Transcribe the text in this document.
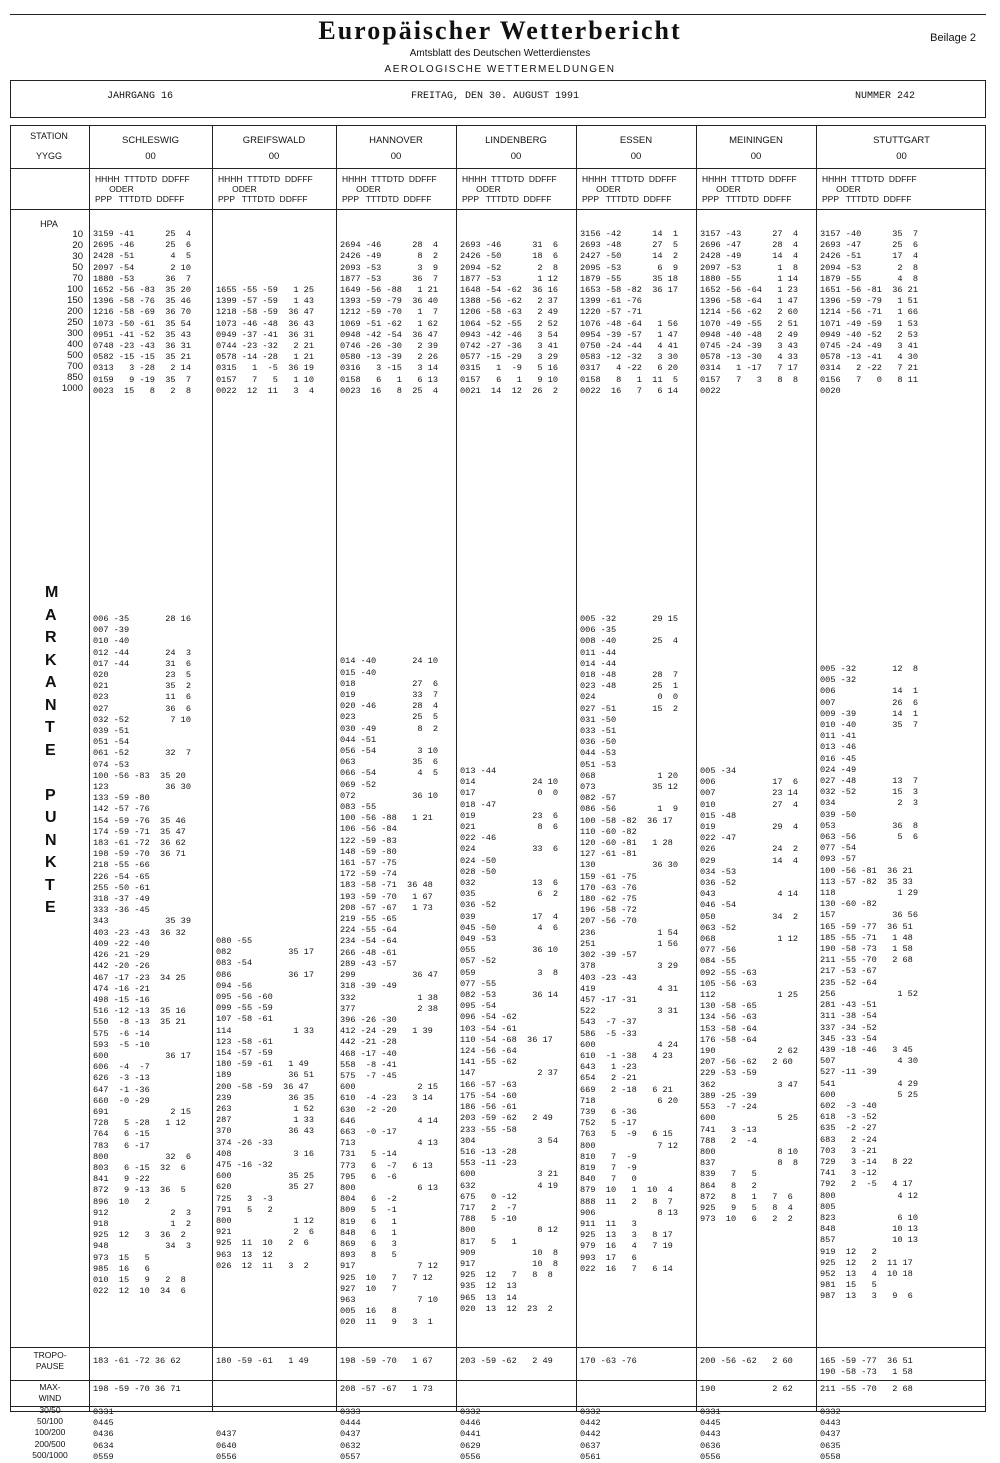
Europäischer Wetterbericht
Amtsblatt des Deutschen Wetterdienstes
AEROLOGISCHE WETTERMELDUNGEN
Beilage 2
JAHRGANG 16	FREITAG, DEN 30. AUGUST 1991	NUMMER 242
STATION
YYGG
HPA
10
20
30
50
70
100
150
200
250
300
400
500
700
850
1000
M
A
R
K
A
N
T
E

P
U
N
K
T
E
TROPO-
PAUSE
MAX-
WIND
30/50
50/100
100/200
200/500
500/1000
SCHLESWIG
00
HHHH  TTTDTD  DDFFF
ODER
PPP   TTTDTD  DDFFF
3159 -41      25  4
2695 -46      25  6
2428 -51       4  5
2097 -54       2 10
1880 -53      36  7
1652 -56 -83  35 20
1396 -58 -76  35 46
1216 -58 -69  36 70
1073 -50 -61  35 54
0951 -41 -52  35 43
0748 -23 -43  36 31
0582 -15 -15  35 21
0313   3 -28   2 14
0159   9 -19  35  7
0023  15   8   2  8
006 -35       28 16
007 -39
010 -40
012 -44       24  3
017 -44       31  6
020           23  5
021           35  2
023           11  6
027           36  6
032 -52        7 10
039 -51
051 -54
061 -52       32  7
074 -53
100 -56 -83  35 20
123           36 30
133 -59 -80
142 -57 -76
154 -59 -76  35 46
174 -59 -71  35 47
183 -61 -72  36 62
198 -59 -70  36 71
218 -55 -66
226 -54 -65
255 -50 -61
318 -37 -49
333 -36 -45
343           35 39
403 -23 -43  36 32
409 -22 -40
426 -21 -29
442 -20 -26
467 -17 -23  34 25
474 -16 -21
498 -15 -16
516 -12 -13  35 16
550  -8 -13  35 21
575  -6 -14
593  -5 -10
600           36 17
606  -4  -7
626  -3 -13
647  -1 -36
660  -0 -29
691            2 15
728   5 -28   1 12
764   6 -15
783   6 -17
800           32  6
803   6 -15  32  6
841   9 -22
872   9 -13  36  5
896  10   2
912            2  3
918            1  2
925  12   3  36  2
948           34  3
973  15   5
985  16   6
010  15   9   2  8
022  12  10  34  6
183 -61 -72 36 62
198 -59 -70 36 71
0331
0445
0436
0634
0559
GREIFSWALD
00
HHHH  TTTDTD  DDFFF
ODER
PPP   TTTDTD  DDFFF

1655 -55 -59   1 25
1399 -57 -59   1 43
1218 -58 -59  36 47
1073 -46 -48  36 43
0949 -37 -41  36 31
0744 -23 -32   2 21
0578 -14 -28   1 21
0315   1  -5  36 19
0157   7   5   1 10
0022  12  11   3  4
080 -55
082           35 17
083 -54
086           36 17
094 -56
095 -56 -60
099 -55 -59
107 -58 -61
114            1 33
123 -58 -61
154 -57 -59
180 -59 -61   1 49
189           36 51
200 -58 -59  36 47
239           36 35
263            1 52
287            1 33
370           36 43
374 -26 -33
408            3 16
475 -16 -32
600           35 25
620           35 27
725   3  -3
791   5   2
800            1 12
921            2  6
925  11  10   2  6
963  13  12
026  12  11   3  2
180 -59 -61   1 49

0437
0640
0556
HANNOVER
00
HHHH  TTTDTD  DDFFF
ODER
PPP   TTTDTD  DDFFF

2694 -46      28  4
2426 -49       8  2
2093 -53       3  9
1877 -53      36  7
1649 -56 -88   1 21
1393 -59 -79  36 40
1212 -59 -70   1  7
1069 -51 -62   1 62
0948 -42 -54  36 47
0746 -26 -30   2 39
0580 -13 -39   2 26
0316   3 -15   3 14
0158   6   1   6 13
0023  16   8  25  4

014 -40       24 10
015 -40
018           27  6
019           33  7
020 -46       28  4
023           25  5
030 -49        8  2
044 -51
056 -54        3 10
063           35  6
066 -54        4  5
069 -52
072           36 10
083 -55
100 -56 -88   1 21
106 -56 -84
122 -59 -83
148 -59 -80
161 -57 -75
172 -59 -74
183 -58 -71  36 48
193 -59 -70   1 67
208 -57 -67   1 73
219 -55 -65
224 -55 -64
234 -54 -64
266 -48 -61
289 -43 -57
299           36 47
318 -39 -49
332            1 38
377            2 38
396 -26 -30
412 -24 -29   1 39
442 -21 -28
468 -17 -40
558  -8 -41
575  -7 -45
600            2 15
610  -4 -23   3 14
630  -2 -20
646            4 14
663  -0 -17
713            4 13
731   5 -14
773   6  -7   6 13
795   6  -6
800            6 13
804   6  -2
809   5  -1
819   6   1
848   6   1
869   6   3
893   8   5
917            7 12
925  10   7   7 12
927  10   7
963            7 10
005  16   8
020  11   9   3  1
198 -59 -70   1 67
208 -57 -67   1 73
0333
0444
0437
0632
0557
LINDENBERG
00
HHHH  TTTDTD  DDFFF
ODER
PPP   TTTDTD  DDFFF

2693 -46      31  6
2426 -50      18  6
2094 -52       2  8
1877 -53       1 12
1648 -54 -62  36 16
1388 -56 -62   2 37
1206 -58 -63   2 49
1064 -52 -55   2 52
0943 -42 -46   3 54
0742 -27 -36   3 41
0577 -15 -29   3 29
0315   1  -9   5 16
0157   6   1   9 10
0021  14  12  26  2
013 -44
014           24 10
017            0  0
018 -47
019           23  6
021            8  6
022 -46
024           33  6
024 -50
028 -50
032           13  6
035            6  2
036 -52
039           17  4
045 -50        4  6
049 -53
055           36 10
057 -52
059            3  8
077 -55
082 -53       36 14
095 -54
096 -54 -62
103 -54 -61
110 -54 -68  36 17
124 -56 -64
141 -55 -62
147            2 37
166 -57 -63
175 -54 -60
186 -56 -61
203 -59 -62   2 49
233 -55 -58
304            3 54
516 -13 -28
553 -11 -23
600            3 21
632            4 19
675   0 -12
717   2  -7
788   5 -10
800            8 12
817   5   1
909           10  8
917           10  8
925  12   7   8  8
935  12  13
965  13  14
020  13  12  23  2
203 -59 -62   2 49
0332
0446
0441
0629
0556
ESSEN
00
HHHH  TTTDTD  DDFFF
ODER
PPP   TTTDTD  DDFFF
3156 -42      14  1
2693 -48      27  5
2427 -50      14  2
2095 -53       6  9
1879 -55      35 18
1653 -58 -82  36 17
1399 -61 -76
1220 -57 -71
1076 -48 -64   1 56
0954 -39 -57   1 47
0750 -24 -44   4 41
0583 -12 -32   3 30
0317   4 -22   6 20
0158   8   1  11  5
0022  16   7   6 14
005 -32       29 15
006 -35
008 -40       25  4
011 -44
014 -44
018 -48       28  7
023 -48       25  1
024            0  0
027 -51       15  2
031 -50
033 -51
036 -50
044 -53
051 -53
068            1 20
073           35 12
082 -57
086 -56        1  9
100 -58 -82  36 17
110 -60 -82
120 -60 -81   1 28
127 -61 -81
130           36 30
159 -61 -75
170 -63 -76
180 -62 -75
196 -58 -72
207 -56 -70
236            1 54
251            1 56
302 -39 -57
378            3 29
403 -23 -43
419            4 31
457 -17 -31
522            3 31
543  -7 -37
586  -5 -33
600            4 24
610  -1 -38   4 23
643   1 -23
654   2 -21
669   2 -18   6 21
718            6 20
739   6 -36
752   5 -17
763   5  -9   6 15
800            7 12
810   7  -9
819   7  -9
840   7   0
879  10   1  10  4
888  11   2   8  7
906            8 13
911  11   3
925  13   3   8 17
979  16   4   7 19
993  17   6
022  16   7   6 14
170 -63 -76
0332
0442
0442
0637
0561
MEININGEN
00
HHHH  TTTDTD  DDFFF
ODER
PPP   TTTDTD  DDFFF
3157 -43      27  4
2696 -47      28  4
2428 -49      14  4
2097 -53       1  8
1880 -55       1 14
1652 -56 -64   1 23
1396 -58 -64   1 47
1214 -56 -62   2 60
1070 -49 -55   2 51
0948 -40 -48   2 49
0745 -24 -39   3 43
0578 -13 -30   4 33
0314   1 -17   7 17
0157   7   3   8  8
0022
005 -34
006           17  6
007           23 14
010           27  4
015 -48
019           29  4
022 -47
026           24  2
029           14  4
034 -53
036 -52
043            4 14
046 -54
050           34  2
063 -52
068            1 12
077 -56
084 -55
092 -55 -63
105 -56 -63
112            1 25
130 -58 -65
134 -56 -63
153 -58 -64
176 -58 -64
190            2 62
207 -56 -62   2 60
229 -53 -59
362            3 47
389 -25 -39
553  -7 -24
600            5 25
741   3 -13
788   2  -4
800            8 10
837            8  8
839   7   5
864   8   2
872   8   1   7  6
925   9   5   8  4
973  10   6   2  2
200 -56 -62   2 60
190           2 62
0331
0445
0443
0636
0556
STUTTGART
00
HHHH  TTTDTD  DDFFF
ODER
PPP   TTTDTD  DDFFF
3157 -40      35  7
2693 -47      25  6
2426 -51      17  4
2094 -53       2  8
1879 -55       4  8
1651 -56 -81  36 21
1396 -59 -79   1 51
1214 -56 -71   1 66
1071 -49 -59   1 53
0949 -40 -52   2 53
0745 -24 -49   3 41
0578 -13 -41   4 30
0314   2 -22   7 21
0156   7   0   8 11
0020
005 -32       12  8
005 -32
006           14  1
007           26  6
009 -39       14  1
010 -40       35  7
011 -41
013 -46
016 -45
024 -49
027 -48       13  7
032 -52       15  3
034            2  3
039 -50
053           36  8
063 -56        5  6
077 -54
093 -57
100 -56 -81  36 21
113 -57 -82  35 33
118            1 29
130 -60 -82
157           36 56
165 -59 -77  36 51
185 -55 -71   1 48
190 -58 -73   1 58
211 -55 -70   2 68
217 -53 -67
235 -52 -64
256            1 52
281 -43 -51
311 -38 -54
337 -34 -52
345 -33 -54
439 -18 -46   3 45
507            4 30
527 -11 -39
541            4 29
600            5 25
602  -3 -40
618  -3 -52
635  -2 -27
683   2 -24
703   3 -21
729   3 -14   8 22
741   3 -12
792   2  -5   4 17
800            4 12
805
823            6 10
848           10 13
857           10 13
919  12   2
925  12   2  11 17
952  13   4  10 18
981  15   5
987  13   3   9  6
165 -59 -77  36 51
190 -58 -73   1 58
211 -55 -70   2 68
0332
0443
0437
0635
0558
